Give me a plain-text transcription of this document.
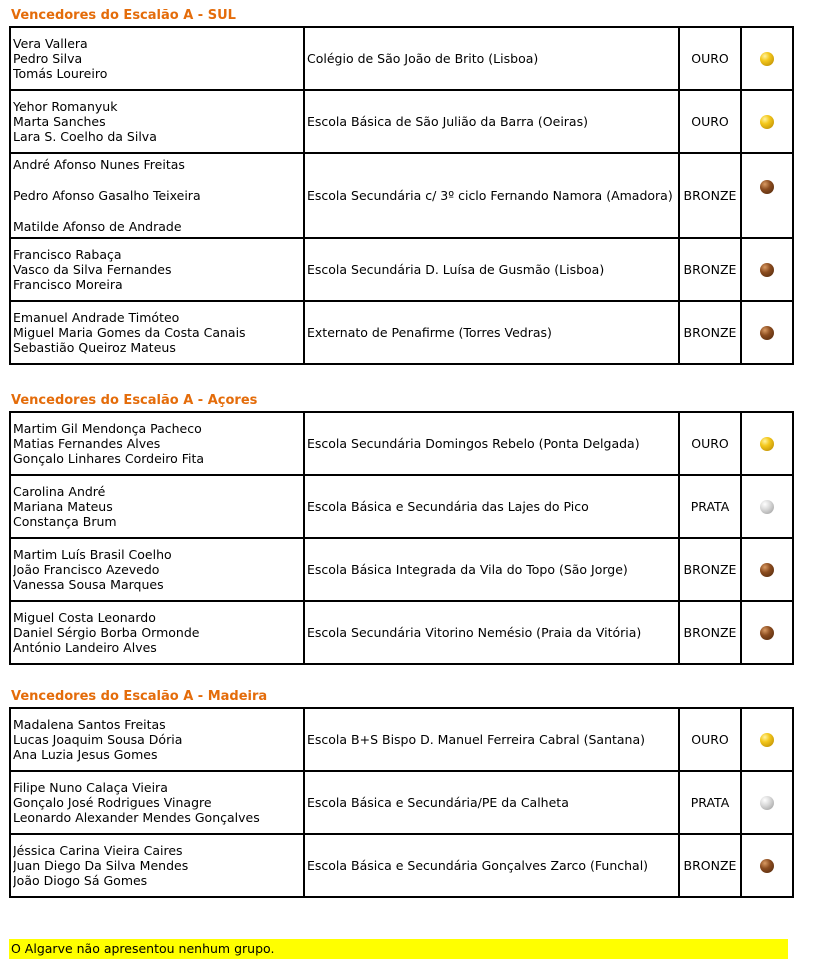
Vencedores do Escalão A - SUL
Vera Vallera
Pedro Silva
Tomás Loureiro	Colégio de São João de Brito (Lisboa)	OURO	

Yehor Romanyuk
Marta Sanches
Lara S. Coelho da Silva	Escola Básica de São Julião da Barra (Oeiras)	OURO	

André Afonso Nunes Freitas
Pedro Afonso Gasalho Teixeira
Matilde Afonso de Andrade	Escola Secundária c/ 3º ciclo Fernando Namora (Amadora)	BRONZE	

Francisco Rabaça
Vasco da Silva Fernandes
Francisco Moreira	Escola Secundária D. Luísa de Gusmão (Lisboa)	BRONZE	

Emanuel Andrade Timóteo
Miguel Maria Gomes da Costa Canais
Sebastião Queiroz Mateus	Externato de Penafirme (Torres Vedras)	BRONZE	
Vencedores do Escalão A - Açores
Martim Gil Mendonça Pacheco
Matias Fernandes Alves
Gonçalo Linhares Cordeiro Fita	Escola Secundária Domingos Rebelo (Ponta Delgada)	OURO	

Carolina André
Mariana Mateus
Constança Brum	Escola Básica e Secundária das Lajes do Pico	PRATA	

Martim Luís Brasil Coelho
João Francisco Azevedo
Vanessa Sousa Marques	Escola Básica Integrada da Vila do Topo (São Jorge)	BRONZE	

Miguel Costa Leonardo
Daniel Sérgio Borba Ormonde
António Landeiro Alves	Escola Secundária Vitorino Nemésio (Praia da Vitória)	BRONZE	
Vencedores do Escalão A - Madeira
Madalena Santos Freitas
Lucas Joaquim Sousa Dória
Ana Luzia Jesus Gomes	Escola B+S Bispo D. Manuel Ferreira Cabral (Santana)	OURO	

Filipe Nuno Calaça Vieira
Gonçalo José Rodrigues Vinagre
Leonardo Alexander Mendes Gonçalves	Escola Básica e Secundária/PE da Calheta	PRATA	

Jéssica Carina Vieira Caires
Juan Diego Da Silva Mendes
João Diogo Sá Gomes	Escola Básica e Secundária Gonçalves Zarco (Funchal)	BRONZE	
O Algarve não apresentou nenhum grupo.
